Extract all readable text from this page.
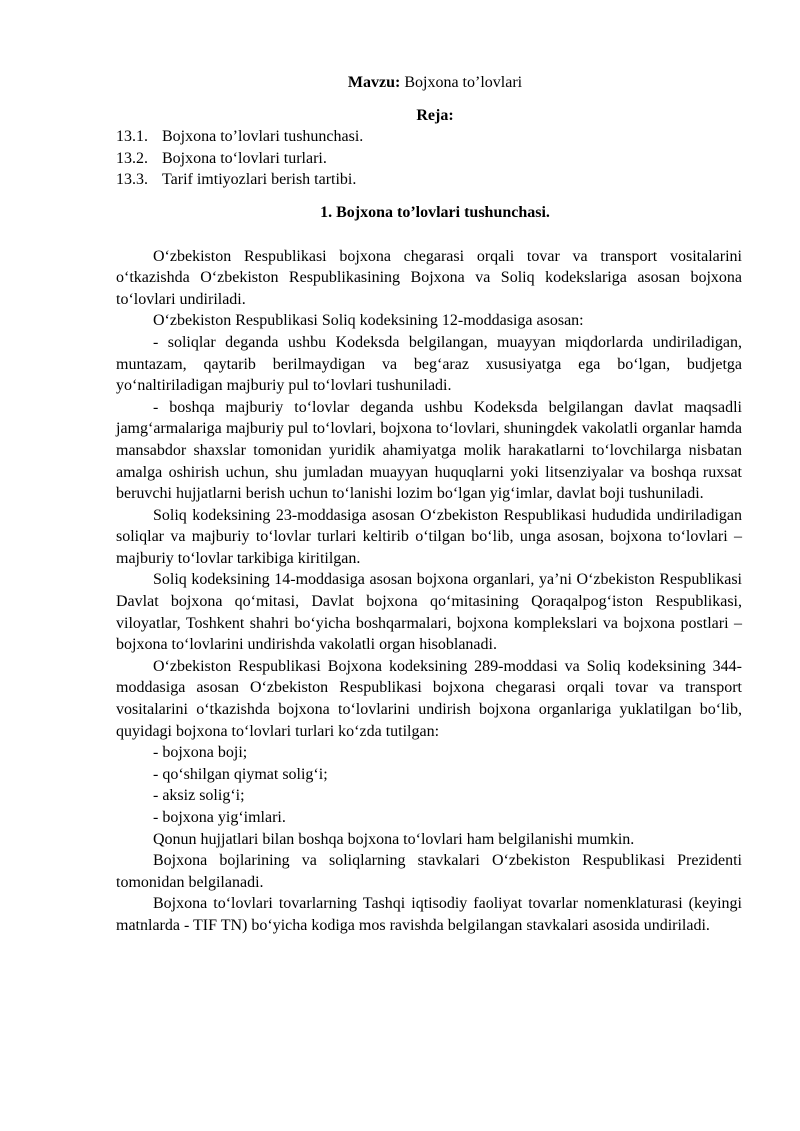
Mavzu: Bojxona to’lovlari
Reja:
13.1. Bojxona to’lovlari tushunchasi.
13.2. Bojxona toʻlovlari turlari.
13.3. Tarif imtiyozlari berish tartibi.
1. Bojxona to’lovlari tushunchasi.

Oʻzbekiston Respublikasi bojxona chegarasi orqali tovar va transport vositalarini oʻtkazishda Oʻzbekiston Respublikasining Bojxona va Soliq kodekslariga asosan bojxona toʻlovlari undiriladi.

Oʻzbekiston Respublikasi Soliq kodeksining 12-moddasiga asosan:

- soliqlar deganda ushbu Kodeksda belgilangan, muayyan miqdorlarda undiriladigan, muntazam, qaytarib berilmaydigan va begʻaraz xususiyatga ega boʻlgan, budjetga yoʻnaltiriladigan majburiy pul toʻlovlari tushuniladi.

- boshqa majburiy toʻlovlar deganda ushbu Kodeksda belgilangan davlat maqsadli jamgʻarmalariga majburiy pul toʻlovlari, bojxona toʻlovlari, shuningdek vakolatli organlar hamda mansabdor shaxslar tomonidan yuridik ahamiyatga molik harakatlarni toʻlovchilarga nisbatan amalga oshirish uchun, shu jumladan muayyan huquqlarni yoki litsenziyalar va boshqa ruxsat beruvchi hujjatlarni berish uchun toʻlanishi lozim boʻlgan yigʻimlar, davlat boji tushuniladi.

Soliq kodeksining 23-moddasiga asosan Oʻzbekiston Respublikasi hududida undiriladigan soliqlar va majburiy toʻlovlar turlari keltirib oʻtilgan boʻlib, unga asosan, bojxona toʻlovlari – majburiy toʻlovlar tarkibiga kiritilgan.

Soliq kodeksining 14-moddasiga asosan bojxona organlari, ya’ni Oʻzbekiston Respublikasi Davlat bojxona qoʻmitasi, Davlat bojxona qoʻmitasining Qoraqalpogʻiston Respublikasi, viloyatlar, Toshkent shahri boʻyicha boshqarmalari, bojxona komplekslari va bojxona postlari – bojxona toʻlovlarini undirishda vakolatli organ hisoblanadi.

Oʻzbekiston Respublikasi Bojxona kodeksining 289-moddasi va Soliq kodeksining 344-moddasiga asosan Oʻzbekiston Respublikasi bojxona chegarasi orqali tovar va transport vositalarini oʻtkazishda bojxona toʻlovlarini undirish bojxona organlariga yuklatilgan boʻlib, quyidagi bojxona toʻlovlari turlari koʻzda tutilgan:

- bojxona boji;

- qoʻshilgan qiymat soligʻi;

- aksiz soligʻi;

- bojxona yigʻimlari.

Qonun hujjatlari bilan boshqa bojxona toʻlovlari ham belgilanishi mumkin.

Bojxona bojlarining va soliqlarning stavkalari Oʻzbekiston Respublikasi Prezidenti tomonidan belgilanadi.

Bojxona toʻlovlari tovarlarning Tashqi iqtisodiy faoliyat tovarlar nomenklaturasi (keyingi matnlarda - TIF TN) boʻyicha kodiga mos ravishda belgilangan stavkalari asosida undiriladi.
